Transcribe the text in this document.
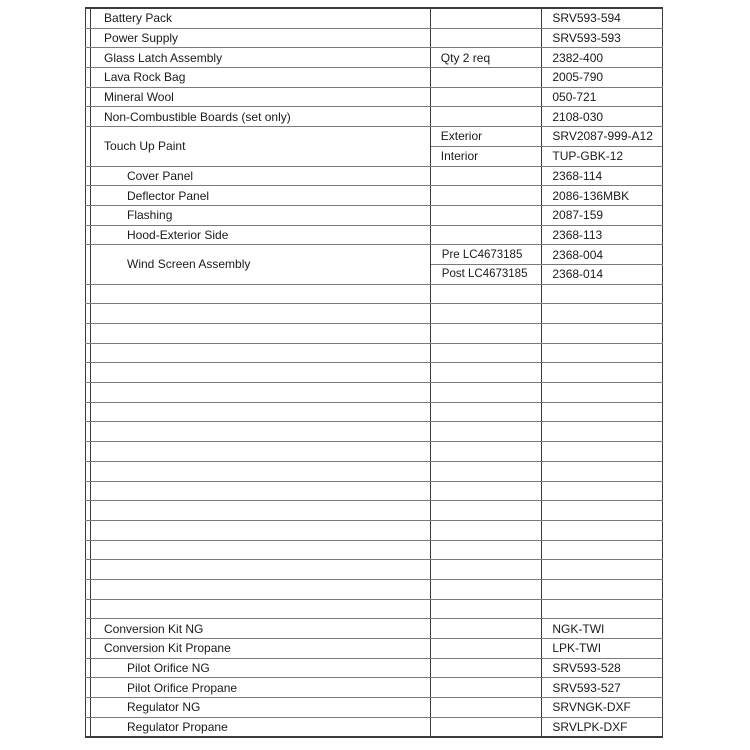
	Battery Pack		SRV593-594
	Power Supply		SRV593-593
	Glass Latch Assembly	Qty 2 req	2382-400
	Lava Rock Bag		2005-790
	Mineral Wool		050-721
	Non-Combustible Boards (set only)		2108-030
	Touch Up Paint	Exterior	SRV2087-999-A12
		Interior	TUP-GBK-12
	Cover Panel		2368-114
	Deflector Panel		2086-136MBK
	Flashing		2087-159
	Hood-Exterior Side		2368-113
	Wind Screen Assembly	Pre LC4673185	2368-004
		Post LC4673185	2368-014

	Conversion Kit NG		NGK-TWI
	Conversion Kit Propane		LPK-TWI
	Pilot Orifice NG		SRV593-528
	Pilot Orifice Propane		SRV593-527
	Regulator NG		SRVNGK-DXF
	Regulator Propane		SRVLPK-DXF
